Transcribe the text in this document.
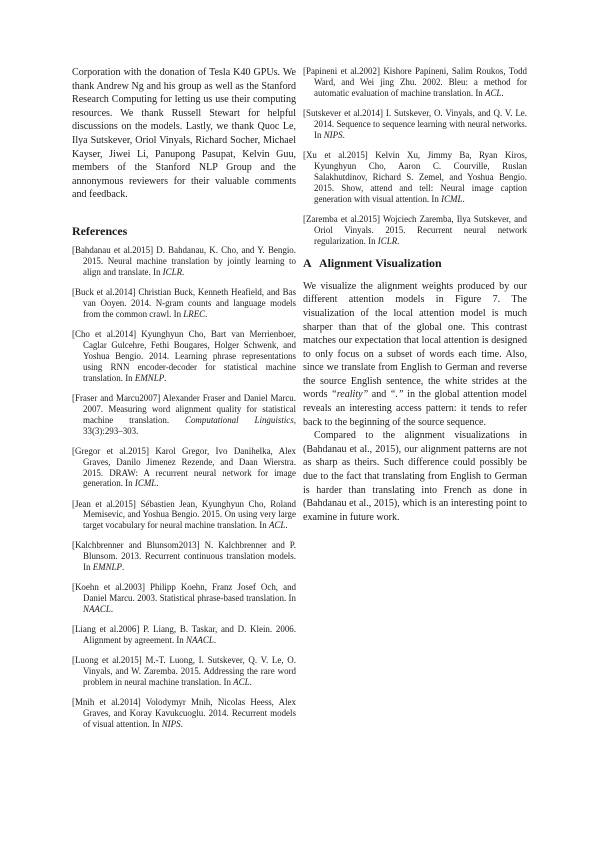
Corporation with the donation of Tesla K40 GPUs. We thank Andrew Ng and his group as well as the Stanford Research Computing for letting us use their computing resources. We thank Russell Stewart for helpful discussions on the models. Lastly, we thank Quoc Le, Ilya Sutskever, Oriol Vinyals, Richard Socher, Michael Kayser, Jiwei Li, Panupong Pasupat, Kelvin Guu, members of the Stanford NLP Group and the annonymous reviewers for their valuable comments and feedback.

References

[Bahdanau et al.2015] D. Bahdanau, K. Cho, and Y. Bengio. 2015. Neural machine translation by jointly learning to align and translate. In ICLR.

[Buck et al.2014] Christian Buck, Kenneth Heafield, and Bas van Ooyen. 2014. N-gram counts and language models from the common crawl. In LREC.

[Cho et al.2014] Kyunghyun Cho, Bart van Merrienboer, Caglar Gulcehre, Fethi Bougares, Holger Schwenk, and Yoshua Bengio. 2014. Learning phrase representations using RNN encoder-decoder for statistical machine translation. In EMNLP.

[Fraser and Marcu2007] Alexander Fraser and Daniel Marcu. 2007. Measuring word alignment quality for statistical machine translation. Computational Linguistics, 33(3):293–303.

[Gregor et al.2015] Karol Gregor, Ivo Danihelka, Alex Graves, Danilo Jimenez Rezende, and Daan Wierstra. 2015. DRAW: A recurrent neural network for image generation. In ICML.

[Jean et al.2015] Sébastien Jean, Kyunghyun Cho, Roland Memisevic, and Yoshua Bengio. 2015. On using very large target vocabulary for neural machine translation. In ACL.

[Kalchbrenner and Blunsom2013] N. Kalchbrenner and P. Blunsom. 2013. Recurrent continuous translation models. In EMNLP.

[Koehn et al.2003] Philipp Koehn, Franz Josef Och, and Daniel Marcu. 2003. Statistical phrase-based translation. In NAACL.

[Liang et al.2006] P. Liang, B. Taskar, and D. Klein. 2006. Alignment by agreement. In NAACL.

[Luong et al.2015] M.-T. Luong, I. Sutskever, Q. V. Le, O. Vinyals, and W. Zaremba. 2015. Addressing the rare word problem in neural machine translation. In ACL.

[Mnih et al.2014] Volodymyr Mnih, Nicolas Heess, Alex Graves, and Koray Kavukcuoglu. 2014. Recurrent models of visual attention. In NIPS.

[Papineni et al.2002] Kishore Papineni, Salim Roukos, Todd Ward, and Wei jing Zhu. 2002. Bleu: a method for automatic evaluation of machine translation. In ACL.

[Sutskever et al.2014] I. Sutskever, O. Vinyals, and Q. V. Le. 2014. Sequence to sequence learning with neural networks. In NIPS.

[Xu et al.2015] Kelvin Xu, Jimmy Ba, Ryan Kiros, Kyunghyun Cho, Aaron C. Courville, Ruslan Salakhutdinov, Richard S. Zemel, and Yoshua Bengio. 2015. Show, attend and tell: Neural image caption generation with visual attention. In ICML.

[Zaremba et al.2015] Wojciech Zaremba, Ilya Sutskever, and Oriol Vinyals. 2015. Recurrent neural network regularization. In ICLR.

A Alignment Visualization

We visualize the alignment weights produced by our different attention models in Figure 7. The visualization of the local attention model is much sharper than that of the global one. This contrast matches our expectation that local attention is designed to only focus on a subset of words each time. Also, since we translate from English to German and reverse the source English sentence, the white strides at the words “reality” and “.” in the global attention model reveals an interesting access pattern: it tends to refer back to the beginning of the source sequence.

Compared to the alignment visualizations in (Bahdanau et al., 2015), our alignment patterns are not as sharp as theirs. Such difference could possibly be due to the fact that translating from English to German is harder than translating into French as done in (Bahdanau et al., 2015), which is an interesting point to examine in future work.
